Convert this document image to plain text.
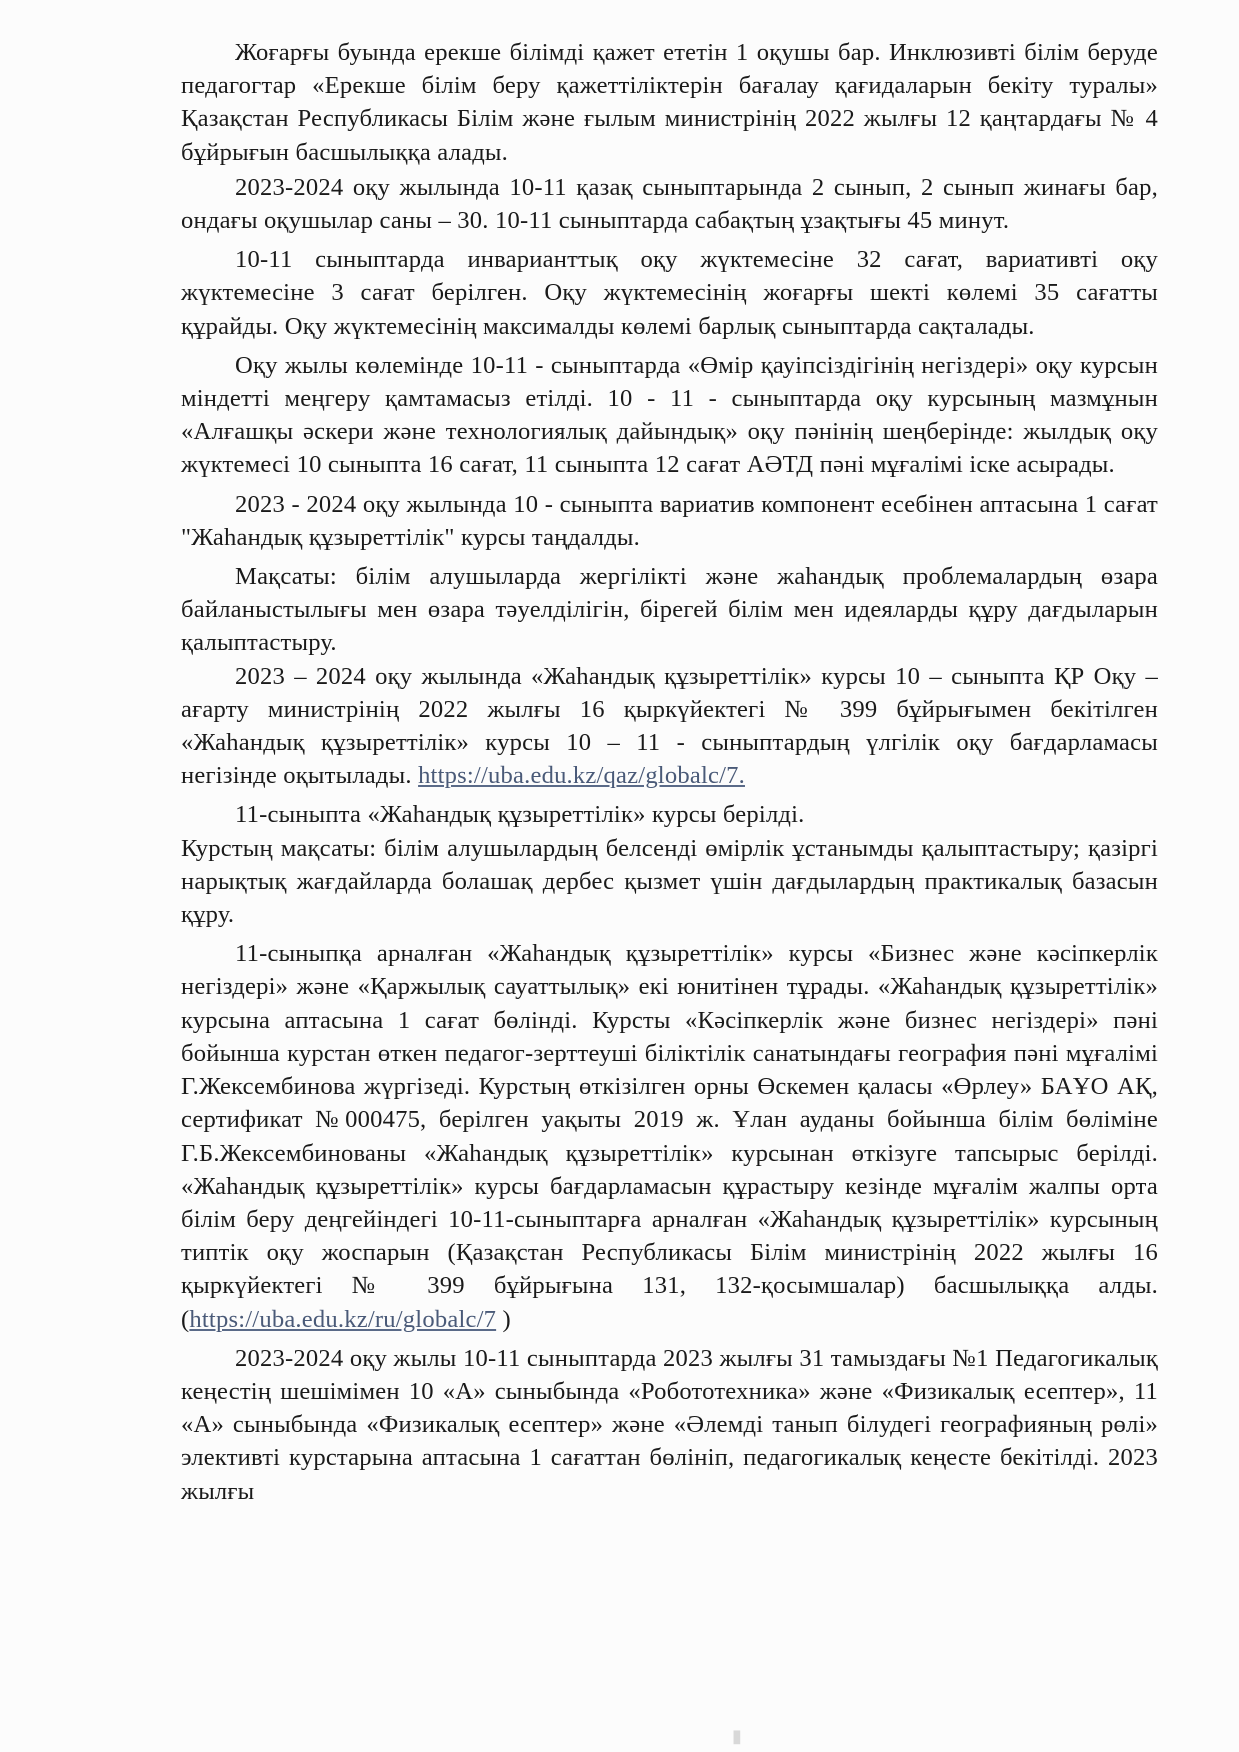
Жоғарғы буында ерекше білімді қажет ететін 1 оқушы бар. Инклюзивті білім беруде педагогтар «Ерекше білім беру қажеттіліктерін бағалау қағидаларын бекіту туралы» Қазақстан Республикасы Білім және ғылым министрінің 2022 жылғы 12 қаңтардағы № 4 бұйрығын басшылыққа алады.

2023-2024 оқу жылында 10-11 қазақ сыныптарында 2 сынып, 2 сынып жинағы бар, ондағы оқушылар саны – 30. 10-11 сыныптарда сабақтың ұзақтығы 45 минут.

10-11 сыныптарда инварианттық оқу жүктемесіне 32 сағат, вариативті оқу жүктемесіне 3 сағат берілген. Оқу жүктемесінің жоғарғы шекті көлемі 35 сағатты құрайды. Оқу жүктемесінің максималды көлемі барлық сыныптарда сақталады.

Оқу жылы көлемінде 10-11 - сыныптарда «Өмір қауіпсіздігінің негіздері» оқу курсын міндетті меңгеру қамтамасыз етілді. 10 - 11 - сыныптарда оқу курсының мазмұнын «Алғашқы әскери және технологиялық дайындық» оқу пәнінің шеңберінде: жылдық оқу жүктемесі 10 сыныпта 16 сағат, 11 сыныпта 12 сағат АӘТД пәні мұғалімі іске асырады.

2023 - 2024 оқу жылында 10 - сыныпта вариатив компонент есебінен аптасына 1 сағат "Жаһандық құзыреттілік" курсы таңдалды.

Мақсаты: білім алушыларда жергілікті және жаһандық проблемалардың өзара байланыстылығы мен өзара тәуелділігін, бірегей білім мен идеяларды құру дағдыларын қалыптастыру.

2023 – 2024 оқу жылында «Жаһандық құзыреттілік» курсы 10 – сыныпта ҚР Оқу – ағарту министрінің 2022 жылғы 16 қыркүйектегі № 399 бұйрығымен бекітілген «Жаһандық құзыреттілік» курсы 10 – 11 - сыныптардың үлгілік оқу бағдарламасы негізінде оқытылады. https://uba.edu.kz/qaz/globalc/7.

11-сыныпта «Жаһандық құзыреттілік» курсы берілді.

Курстың мақсаты: білім алушылардың белсенді өмірлік ұстанымды қалыптастыру; қазіргі нарықтық жағдайларда болашақ дербес қызмет үшін дағдылардың практикалық базасын құру.

11-сыныпқа арналған «Жаһандық құзыреттілік» курсы «Бизнес және кәсіпкерлік негіздері» және «Қаржылық сауаттылық» екі юнитінен тұрады. «Жаһандық құзыреттілік» курсына аптасына 1 сағат бөлінді. Курсты «Кәсіпкерлік және бизнес негіздері» пәні бойынша курстан өткен педагог-зерттеуші біліктілік санатындағы география пәні мұғалімі Г.Жексембинова жүргізеді. Курстың өткізілген орны Өскемен қаласы «Өрлеу» БАҰО АҚ, сертификат №000475, берілген уақыты 2019 ж. Ұлан ауданы бойынша білім бөліміне Г.Б.Жексембинованы «Жаһандық құзыреттілік» курсынан өткізуге тапсырыс берілді. «Жаһандық құзыреттілік» курсы бағдарламасын құрастыру кезінде мұғалім жалпы орта білім беру деңгейіндегі 10-11-сыныптарға арналған «Жаһандық құзыреттілік» курсының типтік оқу жоспарын (Қазақстан Республикасы Білім министрінің 2022 жылғы 16 қыркүйектегі № 399 бұйрығына 131, 132-қосымшалар) басшылыққа алды. (https://uba.edu.kz/ru/globalc/7 )

2023-2024 оқу жылы 10-11 сыныптарда 2023 жылғы 31 тамыздағы №1 Педагогикалық кеңестің шешімімен 10 «А» сыныбында «Робототехника» және «Физикалық есептер», 11 «А» сыныбында «Физикалық есептер» және «Әлемді танып білудегі географияның рөлі» элективті курстарына аптасына 1 сағаттан бөлініп, педагогикалық кеңесте бекітілді. 2023 жылғы

▮
